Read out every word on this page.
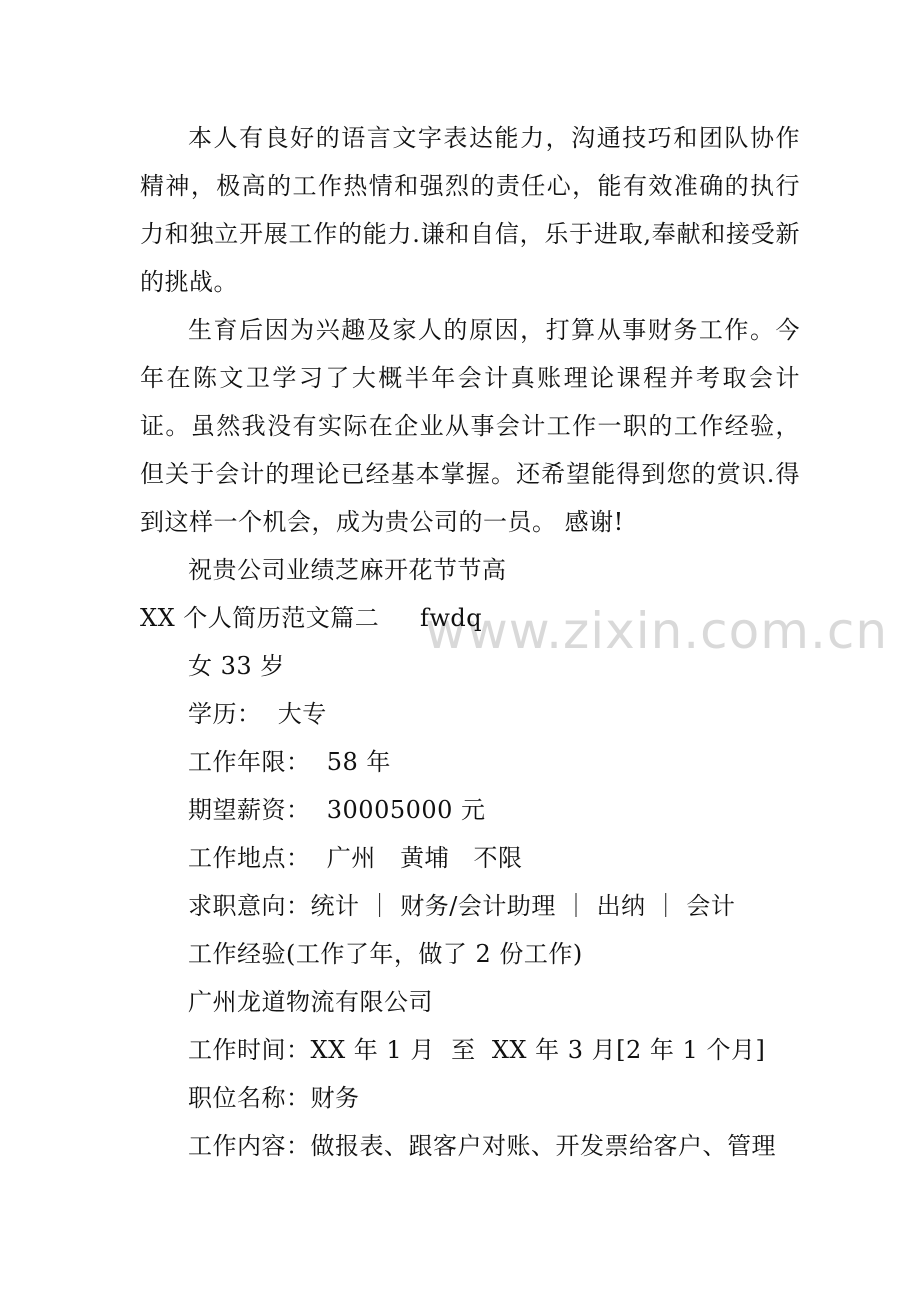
www.zixin.com.cn
本人有良好的语言文字表达能力，沟通技巧和团队协作精神，极高的工作热情和强烈的责任心，能有效准确的执行力和独立开展工作的能力.谦和自信，乐于进取,奉献和接受新的挑战。
生育后因为兴趣及家人的原因，打算从事财务工作。今年在陈文卫学习了大概半年会计真账理论课程并考取会计证。虽然我没有实际在企业从事会计工作一职的工作经验，但关于会计的理论已经基本掌握。还希望能得到您的赏识.得到这样一个机会，成为贵公司的一员。 感谢!
祝贵公司业绩芝麻开花节节高
XX 个人简历范文篇二     fwdq
女 33 岁
学历：  大专
工作年限：  58 年
期望薪资：  30005000 元
工作地点：  广州   黄埔   不限
求职意向：统计 ｜ 财务/会计助理 ｜ 出纳 ｜ 会计
工作经验(工作了年，做了 2 份工作)
广州龙道物流有限公司
工作时间：XX 年 1 月  至  XX 年 3 月[2 年 1 个月]
职位名称：财务
工作内容：做报表、跟客户对账、开发票给客户、管理
